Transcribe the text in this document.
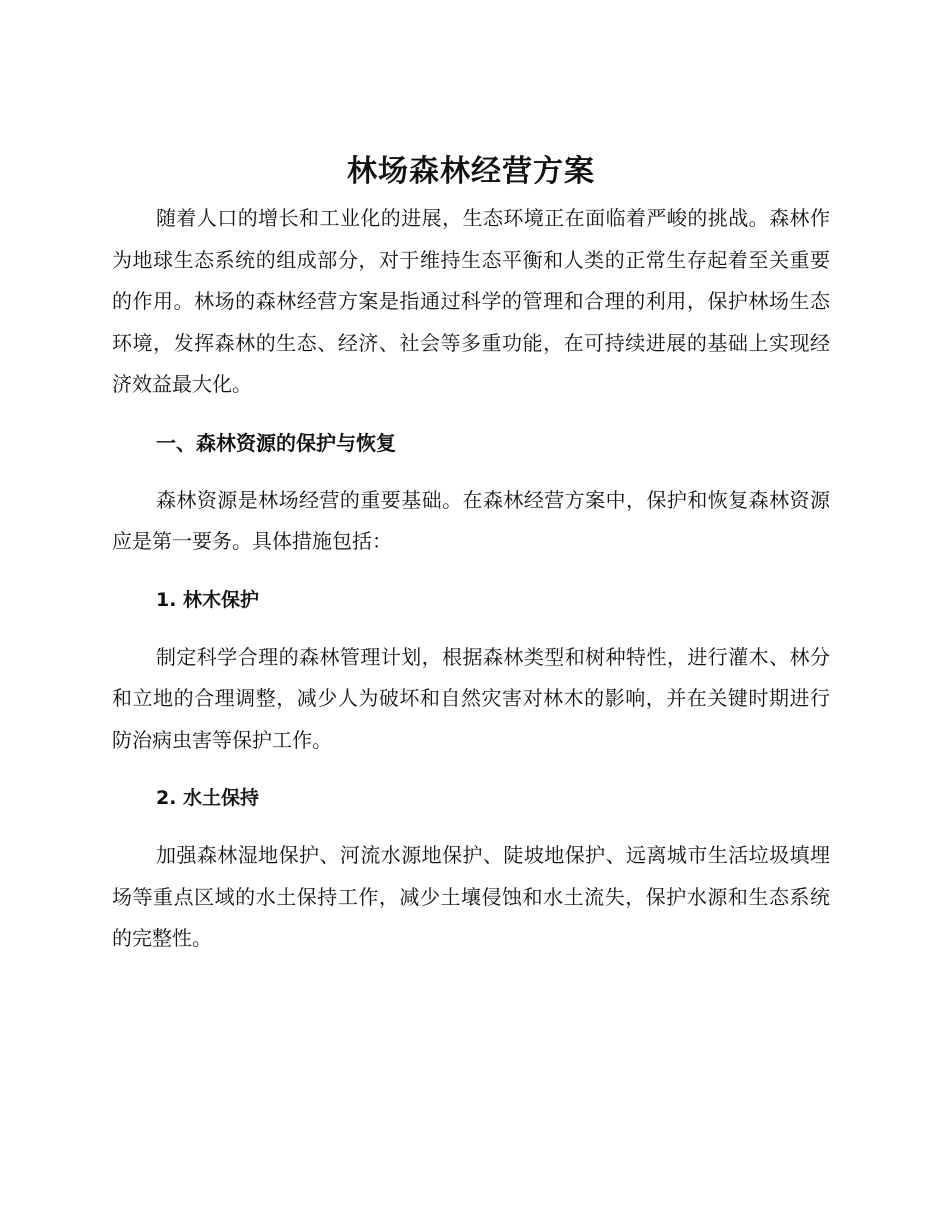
林场森林经营方案

随着人口的增长和工业化的进展，生态环境正在面临着严峻的挑战。森林作为地球生态系统的组成部分，对于维持生态平衡和人类的正常生存起着至关重要的作用。林场的森林经营方案是指通过科学的管理和合理的利用，保护林场生态环境，发挥森林的生态、经济、社会等多重功能，在可持续进展的基础上实现经济效益最大化。

一、森林资源的保护与恢复

森林资源是林场经营的重要基础。在森林经营方案中，保护和恢复森林资源应是第一要务。具体措施包括：

1. 林木保护

制定科学合理的森林管理计划，根据森林类型和树种特性，进行灌木、林分和立地的合理调整，减少人为破坏和自然灾害对林木的影响，并在关键时期进行防治病虫害等保护工作。

2. 水土保持

加强森林湿地保护、河流水源地保护、陡坡地保护、远离城市生活垃圾填埋场等重点区域的水土保持工作，减少土壤侵蚀和水土流失，保护水源和生态系统的完整性。
